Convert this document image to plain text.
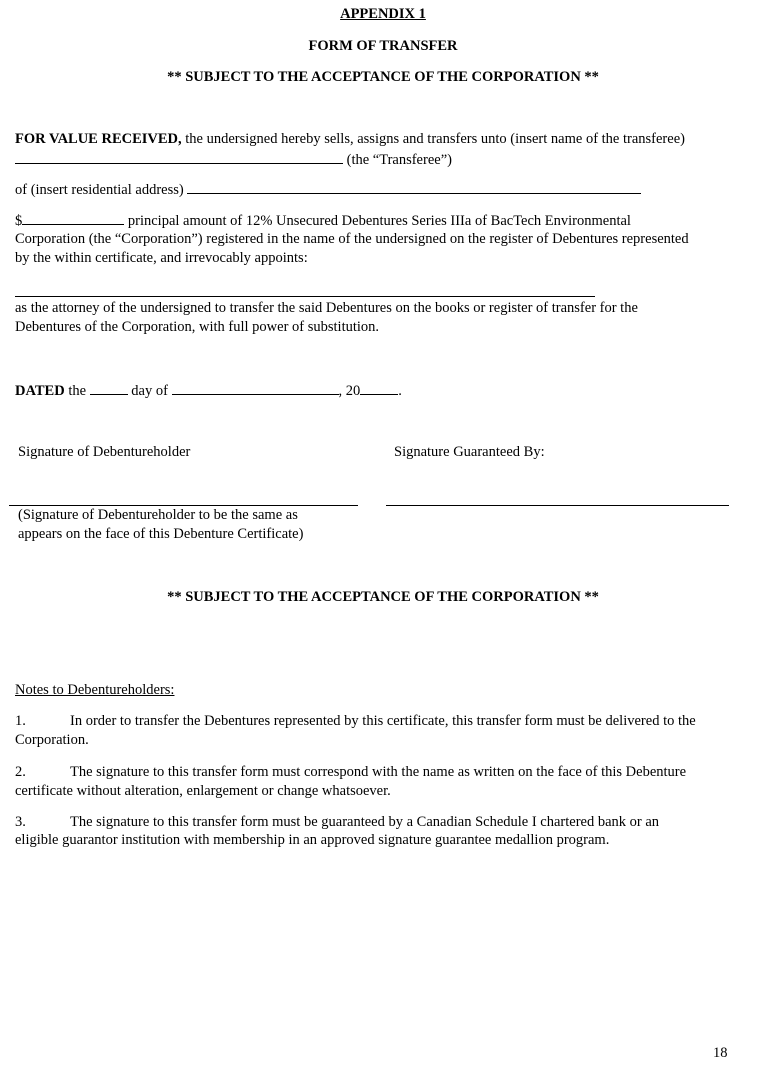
APPENDIX 1
FORM OF TRANSFER
** SUBJECT TO THE ACCEPTANCE OF THE CORPORATION **
FOR VALUE RECEIVED, the undersigned hereby sells, assigns and transfers unto (insert name of the transferee)
(the “Transferee”)
of (insert residential address)
$	principal amount of 12% Unsecured Debentures Series IIIa of BacTech Environmental
Corporation (the “Corporation”) registered in the name of the undersigned on the register of Debentures represented
by the within certificate, and irrevocably appoints:
as the attorney of the undersigned to transfer the said Debentures on the books or register of transfer for the
Debentures of the Corporation, with full power of substitution.
DATED the	day of	, 20	.
Signature of Debentureholder	Signature Guaranteed By:
(Signature of Debentureholder to be the same as
appears on the face of this Debenture Certificate)
** SUBJECT TO THE ACCEPTANCE OF THE CORPORATION **
Notes to Debentureholders:
1.	In order to transfer the Debentures represented by this certificate, this transfer form must be delivered to the
Corporation.
2.	The signature to this transfer form must correspond with the name as written on the face of this Debenture
certificate without alteration, enlargement or change whatsoever.
3.	The signature to this transfer form must be guaranteed by a Canadian Schedule I chartered bank or an
eligible guarantor institution with membership in an approved signature guarantee medallion program.
18
